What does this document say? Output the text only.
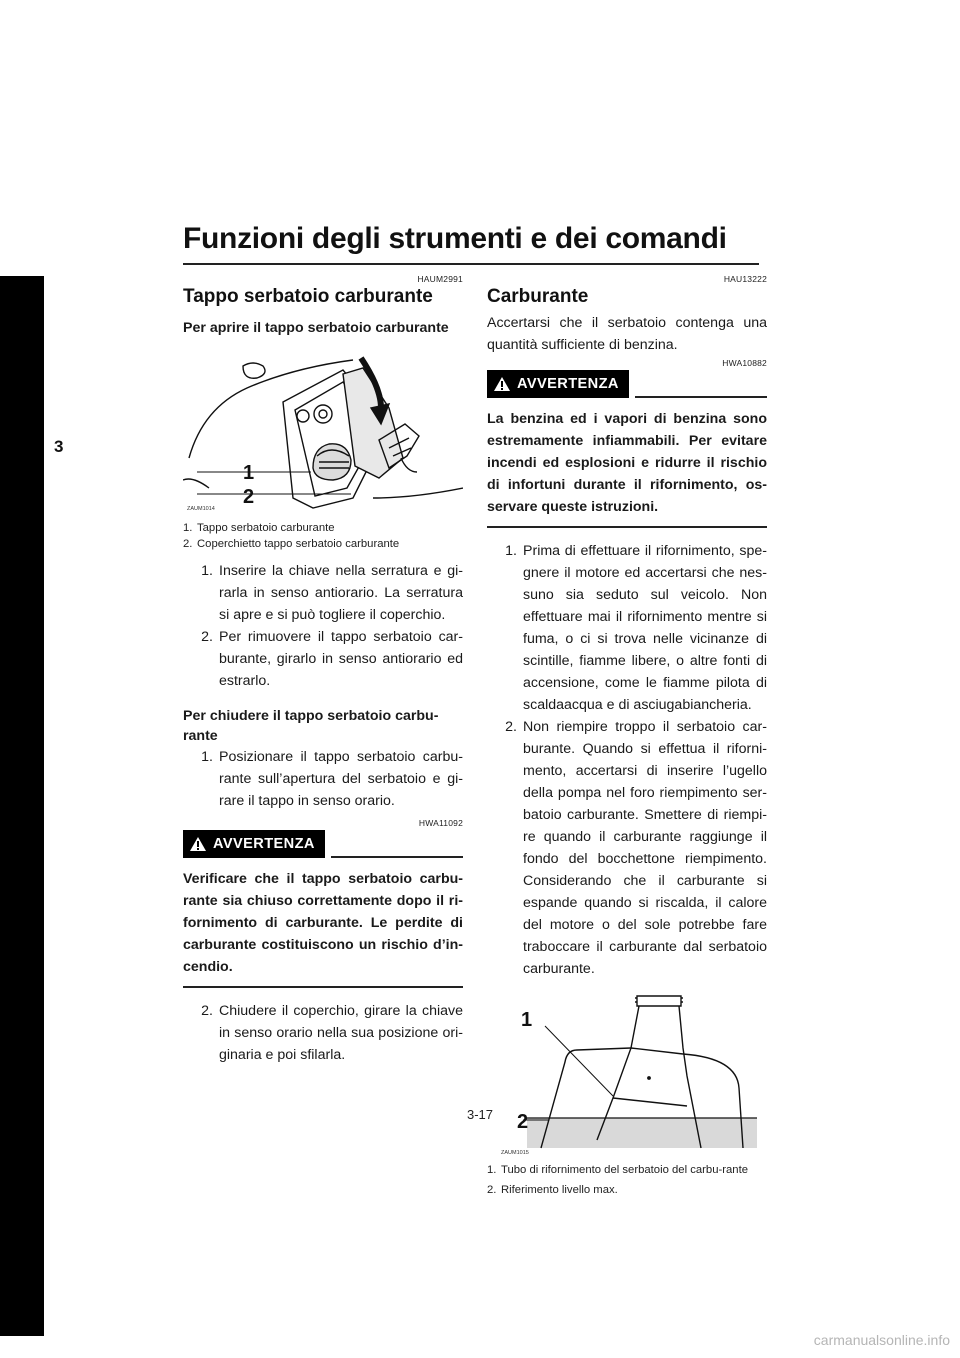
Funzioni degli strumenti e dei comandi
3
HAUM2991
Tappo serbatoio carburante
Per aprire il tappo serbatoio carburante
1
2
ZAUM1014
1. Tappo serbatoio carburante
2. Coperchietto tappo serbatoio carburante
1. Inserire la chiave nella serratura e gi-rarla in senso antiorario. La serratura si apre e si può togliere il coperchio.
2. Per rimuovere il tappo serbatoio car-burante, girarlo in senso antiorario ed estrarlo.
Per chiudere il tappo serbatoio carbu-rante
1. Posizionare il tappo serbatoio carbu-rante sull’apertura del serbatoio e gi-rare il tappo in senso orario.
HWA11092
AVVERTENZA
Verificare che il tappo serbatoio carbu-rante sia chiuso correttamente dopo il ri-fornimento di carburante. Le perdite di carburante costituiscono un rischio d’in-cendio.
2. Chiudere il coperchio, girare la chiave in senso orario nella sua posizione ori-ginaria e poi sfilarla.
HAU13222
Carburante

Accertarsi che il serbatoio contenga una quantità sufficiente di benzina.

HWA10882
AVVERTENZA
La benzina ed i vapori di benzina sono estremamente infiammabili. Per evitare incendi ed esplosioni e ridurre il rischio di infortuni durante il rifornimento, os-servare queste istruzioni.
1. Prima di effettuare il rifornimento, spe-gnere il motore ed accertarsi che nes-suno sia seduto sul veicolo. Non effettuare mai il rifornimento mentre si fuma, o ci si trova nelle vicinanze di scintille, fiamme libere, o altre fonti di accensione, come le fiamme pilota di scaldaacqua e di asciugabiancheria.
2. Non riempire troppo il serbatoio car-burante. Quando si effettua il riforni-mento, accertarsi di inserire l’ugello della pompa nel foro riempimento ser-batoio carburante. Smettere di riempi-re quando il carburante raggiunge il fondo del bocchettone riempimento. Considerando che il carburante si espande quando si riscalda, il calore del motore o del sole potrebbe fare traboccare il carburante dal serbatoio carburante.
1
2
ZAUM1015
1. Tubo di rifornimento del serbatoio del carbu-rante
2. Riferimento livello max.
3-17
carmanualsonline.info
